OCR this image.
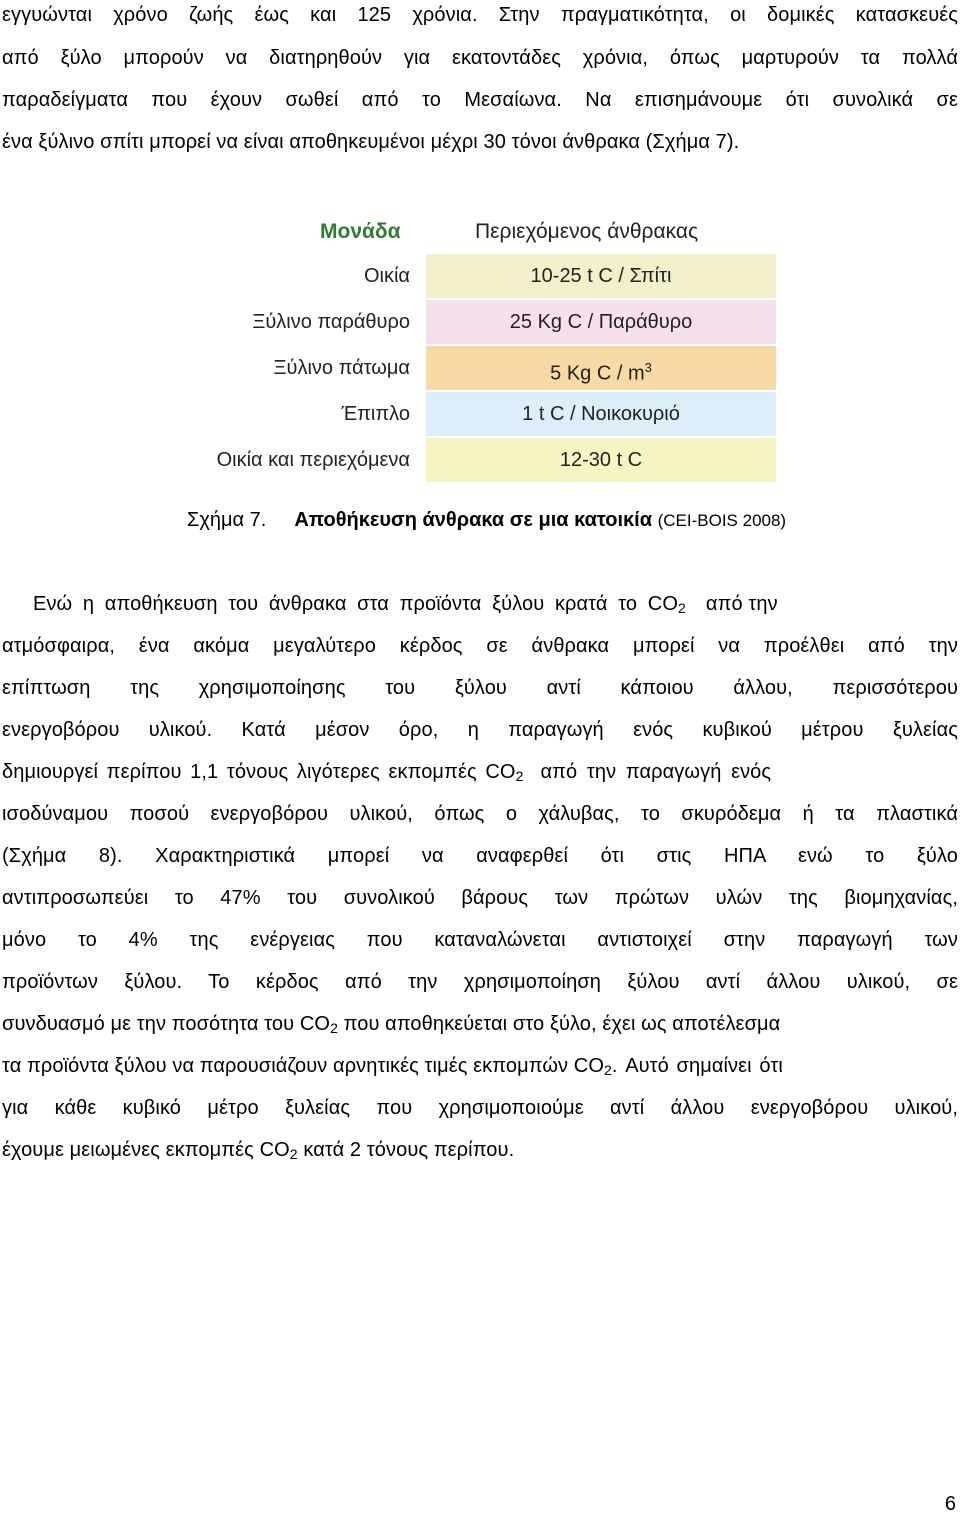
εγγυώνται χρόνο ζωής έως και 125 χρόνια. Στην πραγματικότητα, οι δομικές κατασκευές
από ξύλο μπορούν να διατηρηθούν για εκατοντάδες χρόνια, όπως μαρτυρούν τα πολλά
παραδείγματα που έχουν σωθεί από το Μεσαίωνα. Να επισημάνουμε ότι συνολικά σε
ένα ξύλινο σπίτι μπορεί να είναι αποθηκευμένοι μέχρι 30 τόνοι άνθρακα (Σχήμα 7).
Μονάδα	Περιεχόμενος άνθρακας
10-25 t C / Σπίτι
25 Kg C / Παράθυρο
5 Kg C / $m^3$
1 t C / Νοικοκυριό
12-30 t C
Οικία
Ξύλινο παράθυρο
Ξύλινο πάτωμα
Έπιπλο
Οικία και περιεχόμενα
Σχήμα 7. Αποθήκευση άνθρακα σε μια κατοικία (CEI-BOIS 2008)
Ενώ η αποθήκευση του άνθρακα στα προϊόντα ξύλου κρατά το $CO_2$ από την
ατμόσφαιρα, ένα ακόμα μεγαλύτερο κέρδος σε άνθρακα μπορεί να προέλθει από την
επίπτωση της χρησιμοποίησης του ξύλου αντί κάποιου άλλου, περισσότερου
ενεργοβόρου υλικού. Κατά μέσον όρο, η παραγωγή ενός κυβικού μέτρου ξυλείας
δημιουργεί περίπου 1,1 τόνους λιγότερες εκπομπές $CO_2$ από την παραγωγή ενός
ισοδύναμου ποσού ενεργοβόρου υλικού, όπως ο χάλυβας, το σκυρόδεμα ή τα πλαστικά
(Σχήμα 8). Χαρακτηριστικά μπορεί να αναφερθεί ότι στις ΗΠΑ ενώ το ξύλο
αντιπροσωπεύει το 47% του συνολικού βάρους των πρώτων υλών της βιομηχανίας,
μόνο το 4% της ενέργειας που καταναλώνεται αντιστοιχεί στην παραγωγή των
προϊόντων ξύλου. Το κέρδος από την χρησιμοποίηση ξύλου αντί άλλου υλικού, σε
συνδυασμό με την ποσότητα του $CO_2$ που αποθηκεύεται στο ξύλο, έχει ως αποτέλεσμα
τα προϊόντα ξύλου να παρουσιάζουν αρνητικές τιμές εκπομπών $CO_2$. Αυτό σημαίνει ότι
για κάθε κυβικό μέτρο ξυλείας που χρησιμοποιούμε αντί άλλου ενεργοβόρου υλικού,
έχουμε μειωμένες εκπομπές $CO_2$ κατά 2 τόνους περίπου.
6
